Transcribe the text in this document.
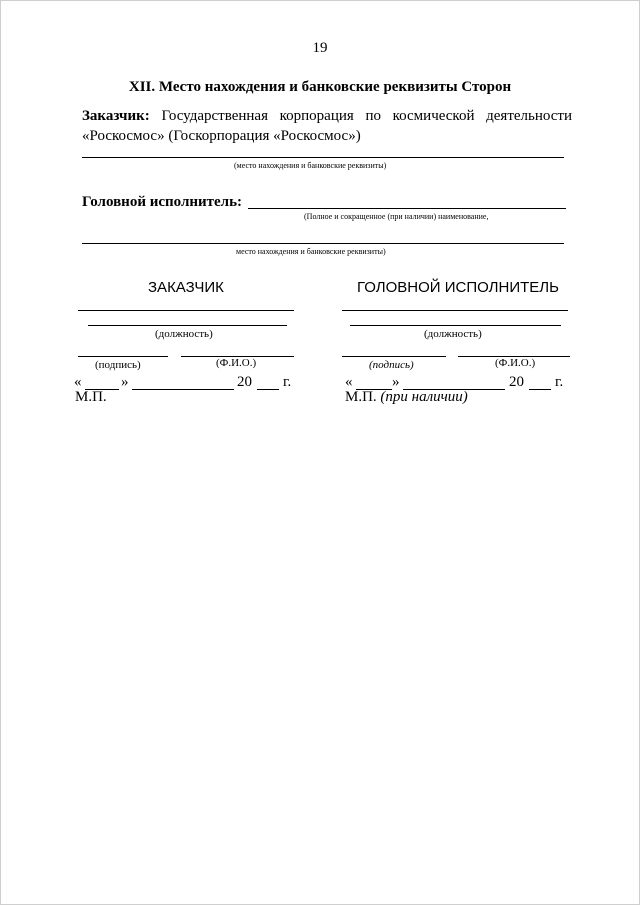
19
XII. Место нахождения и банковские реквизиты Сторон
Заказчик: Государственная корпорация по космической деятельности «Роскосмос» (Госкорпорация «Роскосмос»)
(место нахождения и банковские реквизиты)
Головной исполнитель:
(Полное и сокращенное (при наличии) наименование,
место нахождения и банковские реквизиты)
ЗАКАЗЧИК
(должность)
(подпись)	(Ф.И.О.)
«	»	20 г.
М.П.
ГОЛОВНОЙ ИСПОЛНИТЕЛЬ
(должность)
(подпись)	(Ф.И.О.)
«	»	20 г.
М.П. (при наличии)
